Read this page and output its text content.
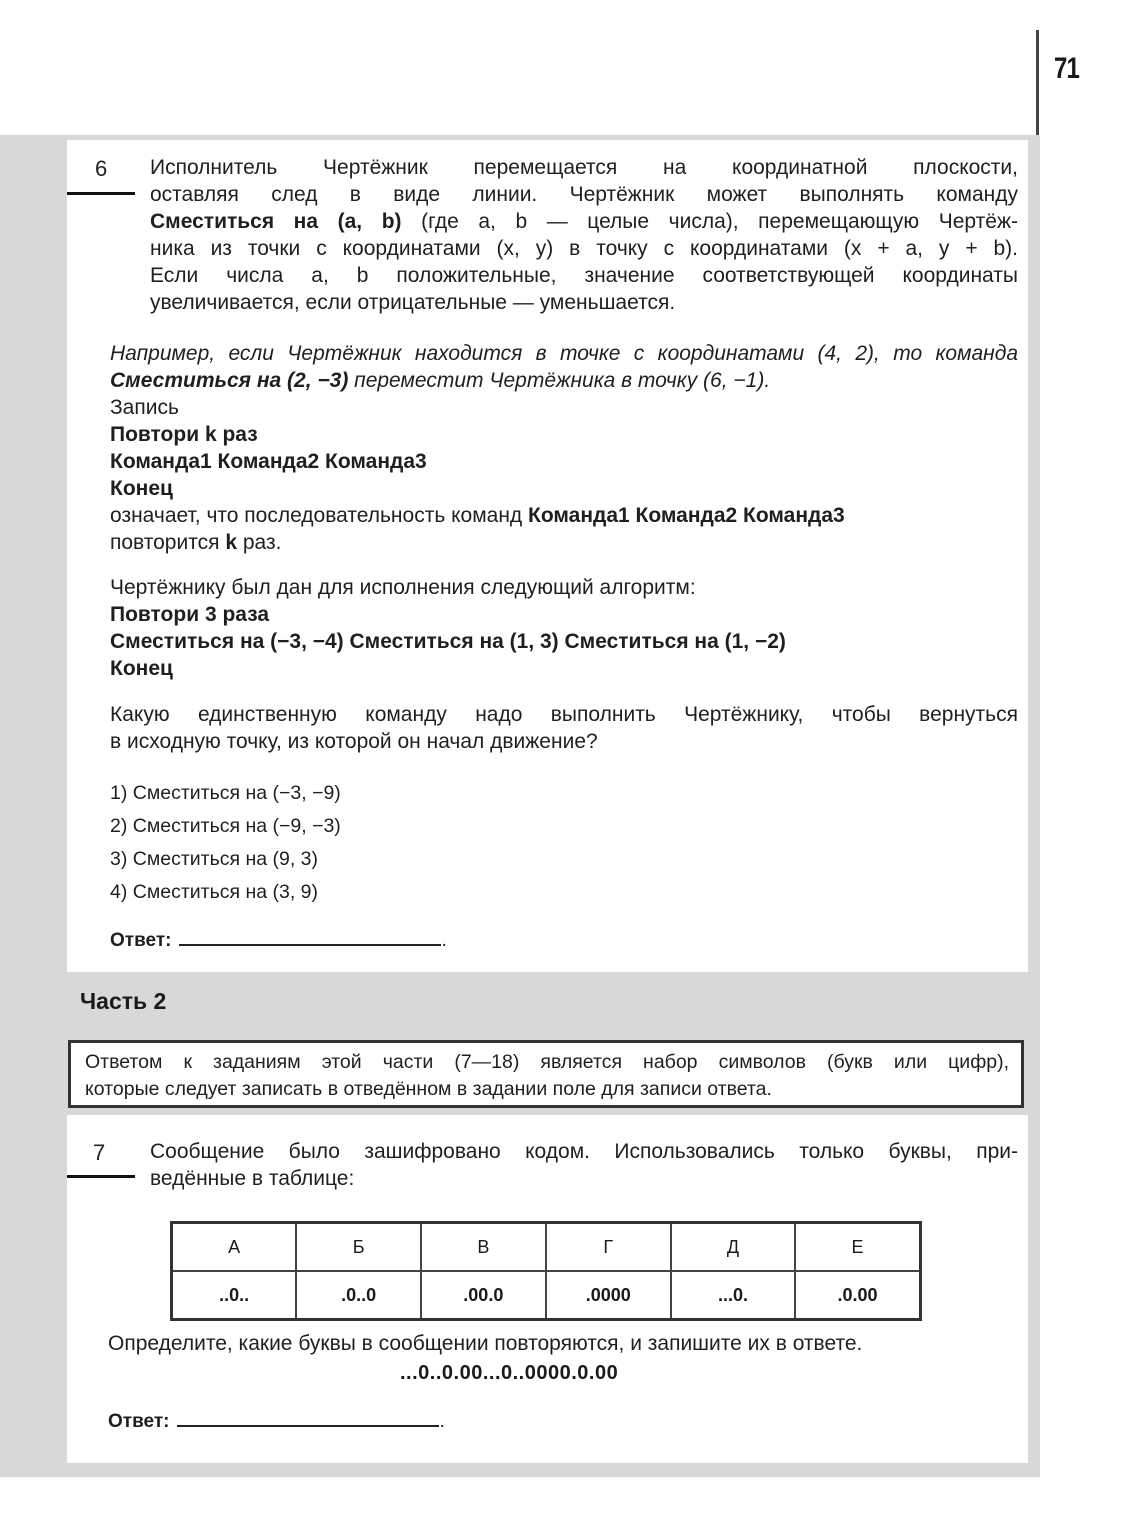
71
6 Исполнитель Чертёжник перемещается на координатной плоскости,
оставляя след в виде линии. Чертёжник может выполнять команду
Сместиться на (a, b) (где a, b — целые числа), перемещающую Чертёж-
ника из точки с координатами (x, y) в точку с координатами (x + a, y + b).
Если числа a, b положительные, значение соответствующей координаты
увеличивается, если отрицательные — уменьшается.
Например, если Чертёжник находится в точке с координатами (4, 2), то команда
Сместиться на (2, −3) переместит Чертёжника в точку (6, −1).
Запись
Повтори k раз
Команда1 Команда2 Команда3
Конец
означает, что последовательность команд Команда1 Команда2 Команда3
повторится k раз.
Чертёжнику был дан для исполнения следующий алгоритм:
Повтори 3 раза
Сместиться на (−3, −4) Сместиться на (1, 3) Сместиться на (1, −2)
Конец
Какую единственную команду надо выполнить Чертёжнику, чтобы вернуться
в исходную точку, из которой он начал движение?
1) Сместиться на (−3, −9)
2) Сместиться на (−9, −3)
3) Сместиться на (9, 3)
4) Сместиться на (3, 9)
Ответ:	.
Часть 2
Ответом к заданиям этой части (7—18) является набор символов (букв или цифр),
которые следует записать в отведённом в задании поле для записи ответа.
7 Сообщение было зашифровано кодом. Использовались только буквы, при-
ведённые в таблице:
Определите, какие буквы в сообщении повторяются, и запишите их в ответе.
Ответ:	.
А	Б	В	Г	Д	Е
..0..	.0..0	.00.0	.0000	...0.	.0.00
...0..0.00...0..0000.0.00
